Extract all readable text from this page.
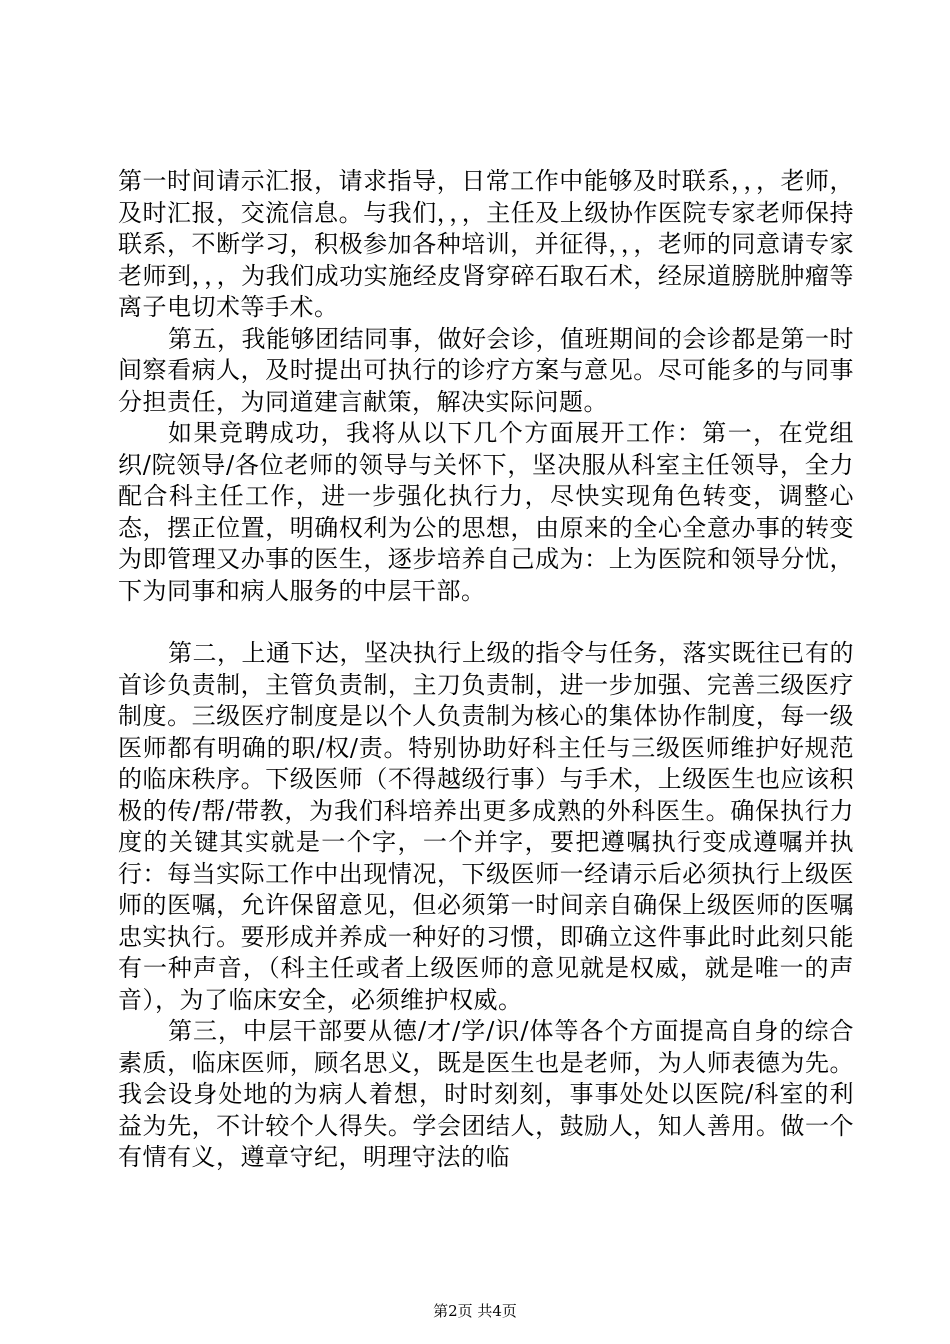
第一时间请示汇报，请求指导，日常工作中能够及时联系，，，老师，及时汇报，交流信息。与我们，，，主任及上级协作医院专家老师保持联系，不断学习，积极参加各种培训，并征得，，，老师的同意请专家老师到，，，为我们成功实施经皮肾穿碎石取石术，经尿道膀胱肿瘤等离子电切术等手术。

第五，我能够团结同事，做好会诊，值班期间的会诊都是第一时间察看病人，及时提出可执行的诊疗方案与意见。尽可能多的与同事分担责任，为同道建言献策，解决实际问题。

如果竞聘成功，我将从以下几个方面展开工作：第一，在党组织/院领导/各位老师的领导与关怀下，坚决服从科室主任领导，全力配合科主任工作，进一步强化执行力，尽快实现角色转变，调整心态，摆正位置，明确权利为公的思想，由原来的全心全意办事的转变为即管理又办事的医生，逐步培养自己成为：上为医院和领导分忧，下为同事和病人服务的中层干部。

第二，上通下达，坚决执行上级的指令与任务，落实既往已有的首诊负责制，主管负责制，主刀负责制，进一步加强、完善三级医疗制度。三级医疗制度是以个人负责制为核心的集体协作制度，每一级医师都有明确的职/权/责。特别协助好科主任与三级医师维护好规范的临床秩序。下级医师（不得越级行事）与手术，上级医生也应该积极的传/帮/带教，为我们科培养出更多成熟的外科医生。确保执行力度的关键其实就是一个字，一个并字，要把遵嘱执行变成遵嘱并执行：每当实际工作中出现情况，下级医师一经请示后必须执行上级医师的医嘱，允许保留意见，但必须第一时间亲自确保上级医师的医嘱忠实执行。要形成并养成一种好的习惯，即确立这件事此时此刻只能有一种声音，（科主任或者上级医师的意见就是权威，就是唯一的声音），为了临床安全，必须维护权威。

第三，中层干部要从德/才/学/识/体等各个方面提高自身的综合素质，临床医师，顾名思义，既是医生也是老师，为人师表德为先。我会设身处地的为病人着想，时时刻刻，事事处处以医院/科室的利益为先，不计较个人得失。学会团结人，鼓励人，知人善用。做一个有情有义，遵章守纪，明理守法的临

第2页 共4页
